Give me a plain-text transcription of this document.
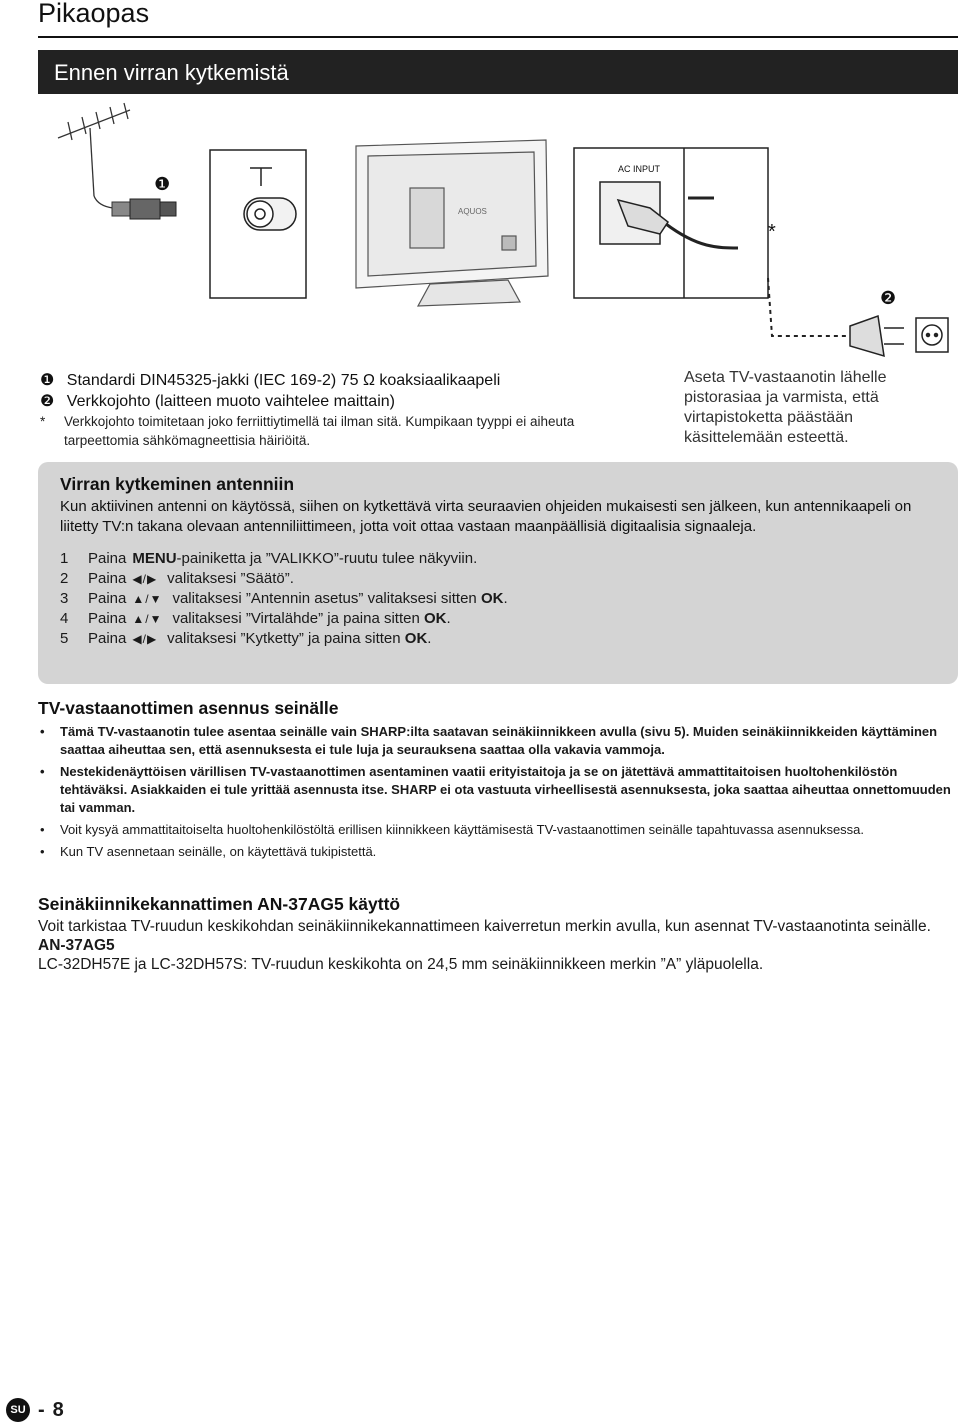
Pikaopas
Ennen virran kytkemistä
❶
AQUOS
AC INPUT
*
❷
❶ Standardi DIN45325-jakki (IEC 169-2) 75 Ω koaksiaalikaapeli
❷ Verkkojohto (laitteen muoto vaihtelee maittain)
*	Verkkojohto toimitetaan joko ferriittiytimellä tai ilman sitä. Kumpikaan tyyppi ei aiheuta tarpeettomia sähkömagneettisia häiriöitä.
Aseta TV-vastaanotin lähelle pistorasiaa ja varmista, että virtapistoketta päästään käsittelemään esteettä.
Virran kytkeminen antenniin

Kun aktiivinen antenni on käytössä, siihen on kytkettävä virta seuraavien ohjeiden mukaisesti sen jälkeen, kun antennikaapeli on liitetty TV:n takana olevaan antenniliittimeen, jotta voit ottaa vastaan maanpäällisiä digitaalisia signaaleja.

1	Paina MENU -painiketta ja ”VALIKKO”-ruutu tulee näkyviin.
2	Paina ◀/▶ valitaksesi ”Säätö”.
3	Paina ▲/▼ valitaksesi ”Antennin asetus” valitaksesi sitten OK .
4	Paina ▲/▼ valitaksesi ”Virtalähde” ja paina sitten OK .
5	Paina ◀/▶ valitaksesi ”Kytketty” ja paina sitten OK .
TV-vastaanottimen asennus seinälle
• Tämä TV-vastaanotin tulee asentaa seinälle vain SHARP:ilta saatavan seinäkiinnikkeen avulla (sivu 5). Muiden seinäkiinnikkeiden käyttäminen saattaa aiheuttaa sen, että asennuksesta ei tule luja ja seurauksena saattaa olla vakavia vammoja.
• Nestekidenäyttöisen värillisen TV-vastaanottimen asentaminen vaatii erityistaitoja ja se on jätettävä ammattitaitoisen huoltohenkilöstön tehtäväksi. Asiakkaiden ei tule yrittää asennusta itse. SHARP ei ota vastuuta virheellisestä asennuksesta, joka saattaa aiheuttaa onnettomuuden tai vamman.
• Voit kysyä ammattitaitoiselta huoltohenkilöstöltä erillisen kiinnikkeen käyttämisestä TV-vastaanottimen seinälle tapahtuvassa asennuksessa.
• Kun TV asennetaan seinälle, on käytettävä tukipistettä.
Seinäkiinnikekannattimen AN-37AG5 käyttö

Voit tarkistaa TV-ruudun keskikohdan seinäkiinnikekannattimeen kaiverretun merkin avulla, kun asennat TV-vastaanotinta seinälle.

AN-37AG5

LC-32DH57E ja LC-32DH57S: TV-ruudun keskikohta on 24,5 mm seinäkiinnikkeen merkin ”A” yläpuolella.

SU - 8
